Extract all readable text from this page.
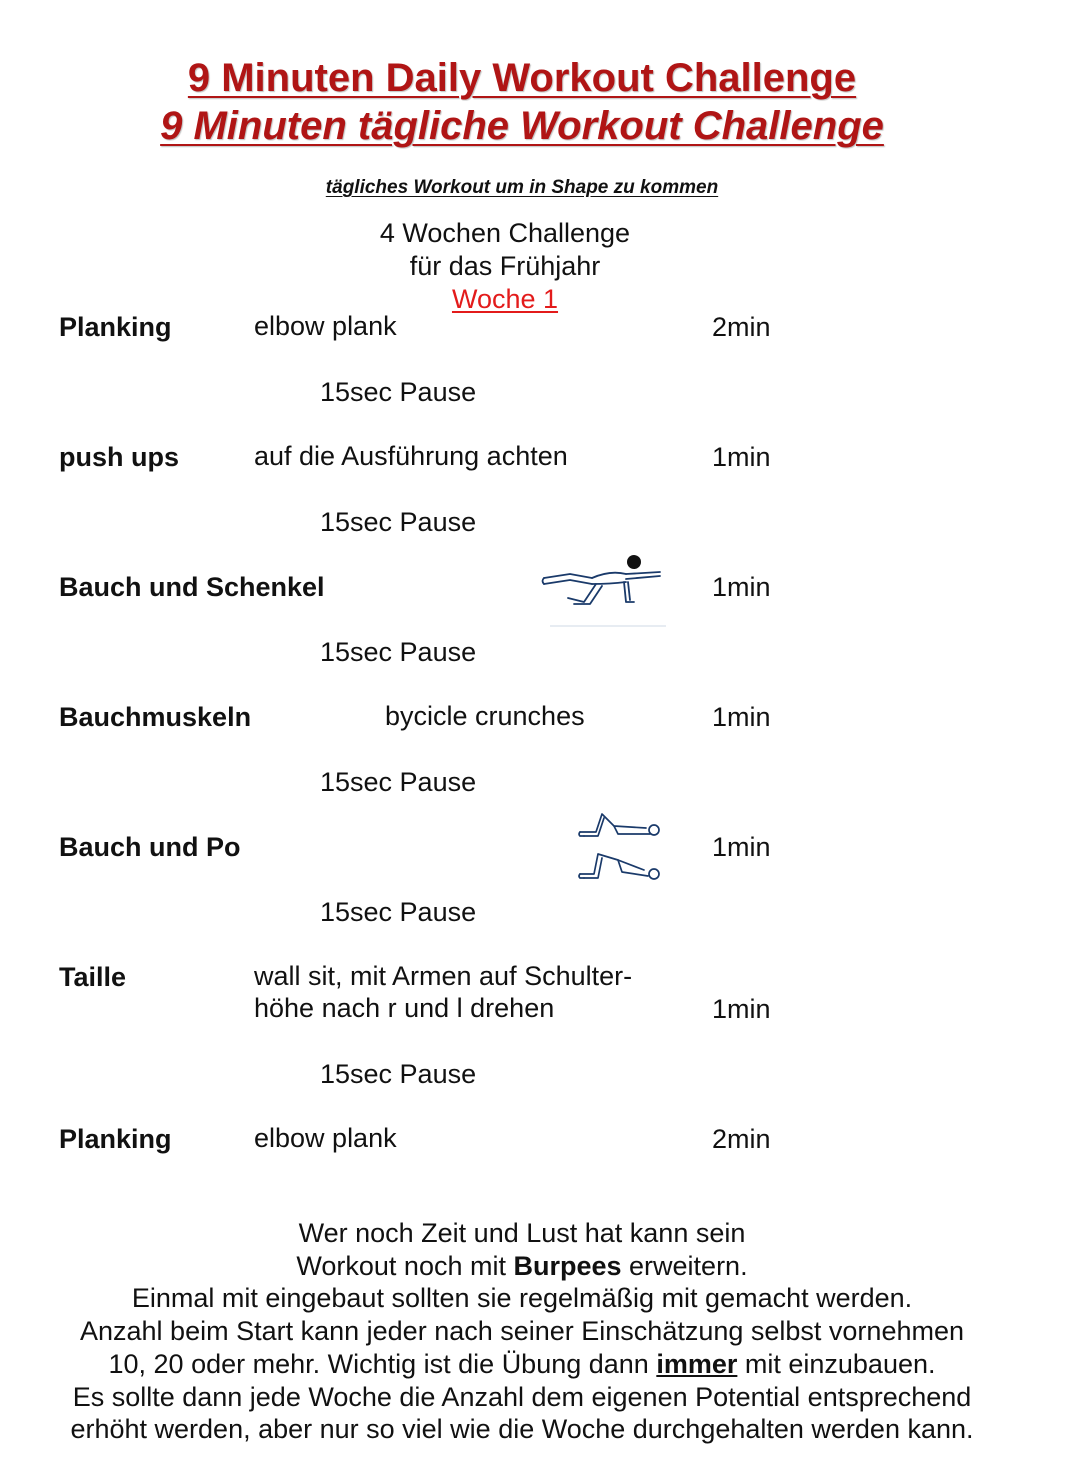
9 Minuten Daily Workout Challenge
9 Minuten tägliche Workout Challenge
tägliches Workout um in Shape zu kommen
4 Wochen Challenge
für das Frühjahr
Woche 1
Planking	elbow plank	2min
15sec Pause
push ups	auf die Ausführung achten	1min
15sec Pause
Bauch und Schenkel	1min
15sec Pause
Bauchmuskeln	bycicle crunches	1min
15sec Pause
Bauch und Po	1min
15sec Pause
Taille	wall sit, mit Armen auf Schulter-
höhe nach r und l drehen	1min
15sec Pause
Planking	elbow plank	2min
Wer noch Zeit und Lust hat kann sein
Workout noch mit Burpees erweitern.
Einmal mit eingebaut sollten sie regelmäßig mit gemacht werden.
Anzahl beim Start kann jeder nach seiner Einschätzung selbst vornehmen
10, 20 oder mehr. Wichtig ist die Übung dann immer mit einzubauen.
Es sollte dann jede Woche die Anzahl dem eigenen Potential entsprechend
erhöht werden, aber nur so viel wie die Woche durchgehalten werden kann.
